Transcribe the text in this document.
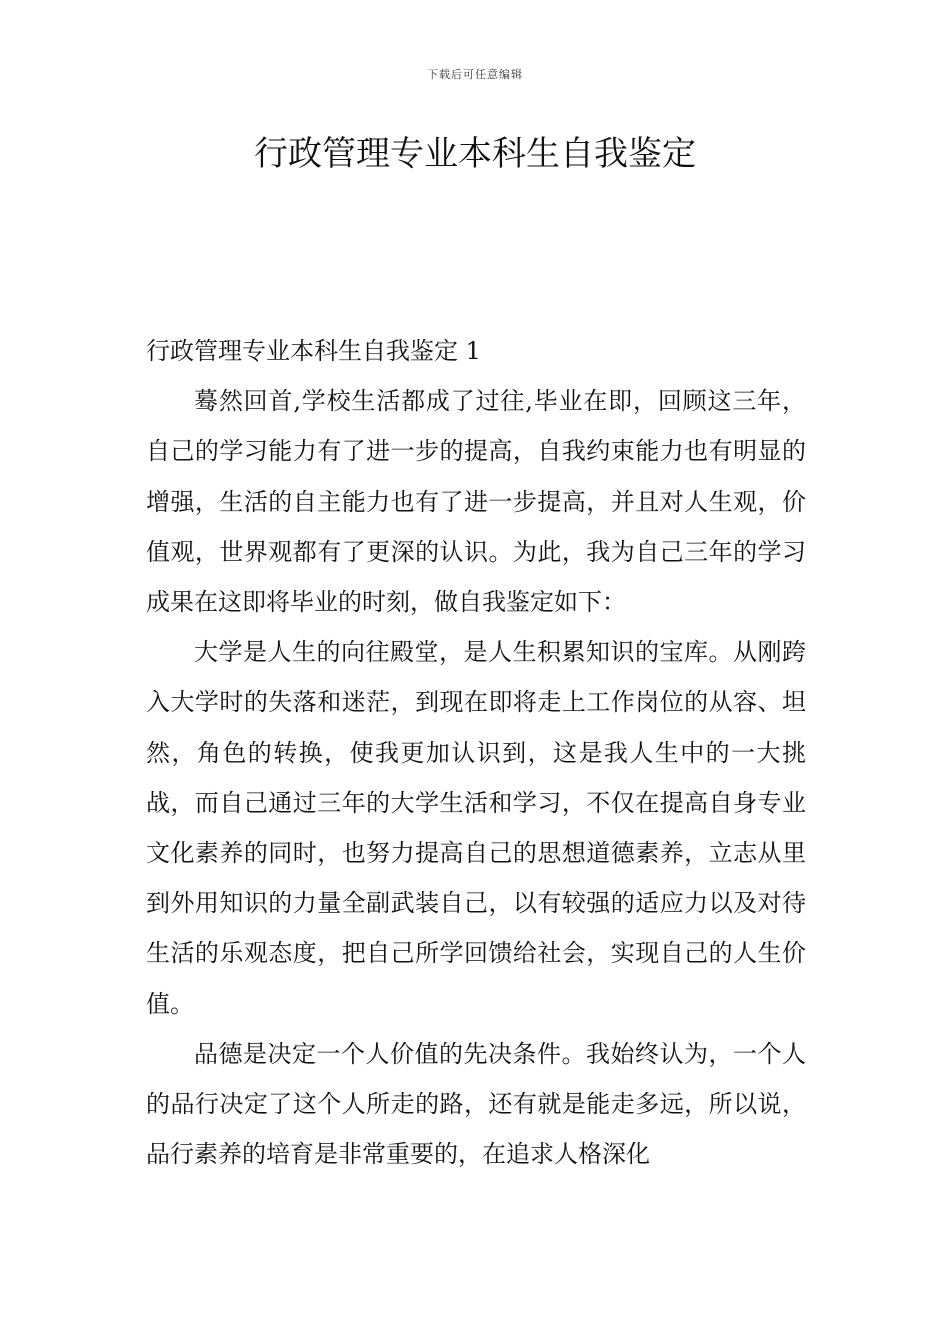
下载后可任意编辑
行政管理专业本科生自我鉴定

行政管理专业本科生自我鉴定 1

蓦然回首,学校生活都成了过往,毕业在即，回顾这三年，自己的学习能力有了进一步的提高，自我约束能力也有明显的增强，生活的自主能力也有了进一步提高，并且对人生观，价值观，世界观都有了更深的认识。为此，我为自己三年的学习成果在这即将毕业的时刻，做自我鉴定如下：

大学是人生的向往殿堂，是人生积累知识的宝库。从刚跨入大学时的失落和迷茫，到现在即将走上工作岗位的从容、坦然，角色的转换，使我更加认识到，这是我人生中的一大挑战，而自己通过三年的大学生活和学习，不仅在提高自身专业文化素养的同时，也努力提高自己的思想道德素养，立志从里到外用知识的力量全副武装自己，以有较强的适应力以及对待生活的乐观态度，把自己所学回馈给社会，实现自己的人生价值。

品德是决定一个人价值的先决条件。我始终认为，一个人的品行决定了这个人所走的路，还有就是能走多远，所以说，品行素养的培育是非常重要的，在追求人格深化
